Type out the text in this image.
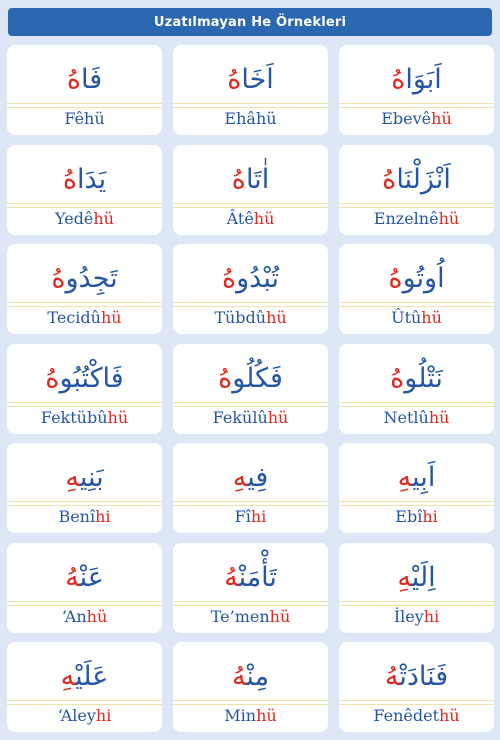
Uzatılmayan He Örnekleri
فَاهُ
Fêhü
اَخَاهُ
Ehâhü
اَبَوَاهُ
Ebevêhü
يَدَاهُ
Yedêhü
اٰتَاهُ
Âtêhü
اَنْزَلْنَاهُ
Enzelnêhü
تَجِدُوهُ
Tecidûhü
تُبْدُوهُ
Tübdûhü
اُوتُوهُ
Ûtûhü
فَاكْتُبُوهُ
Fektübûhü
فَكُلُوهُ
Fekülûhü
نَتْلُوهُ
Netlûhü
بَنِيهِ
Benîhi
فِيهِ
Fîhi
اَبِيهِ
Ebîhi
عَنْهُ
‘Anhü
تَأْمَنْهُ
Te’menhü
اِلَيْهِ
İleyhi
عَلَيْهِ
‘Aleyhi
مِنْهُ
Minhü
فَنَادَتْهُ
Fenêdethü
